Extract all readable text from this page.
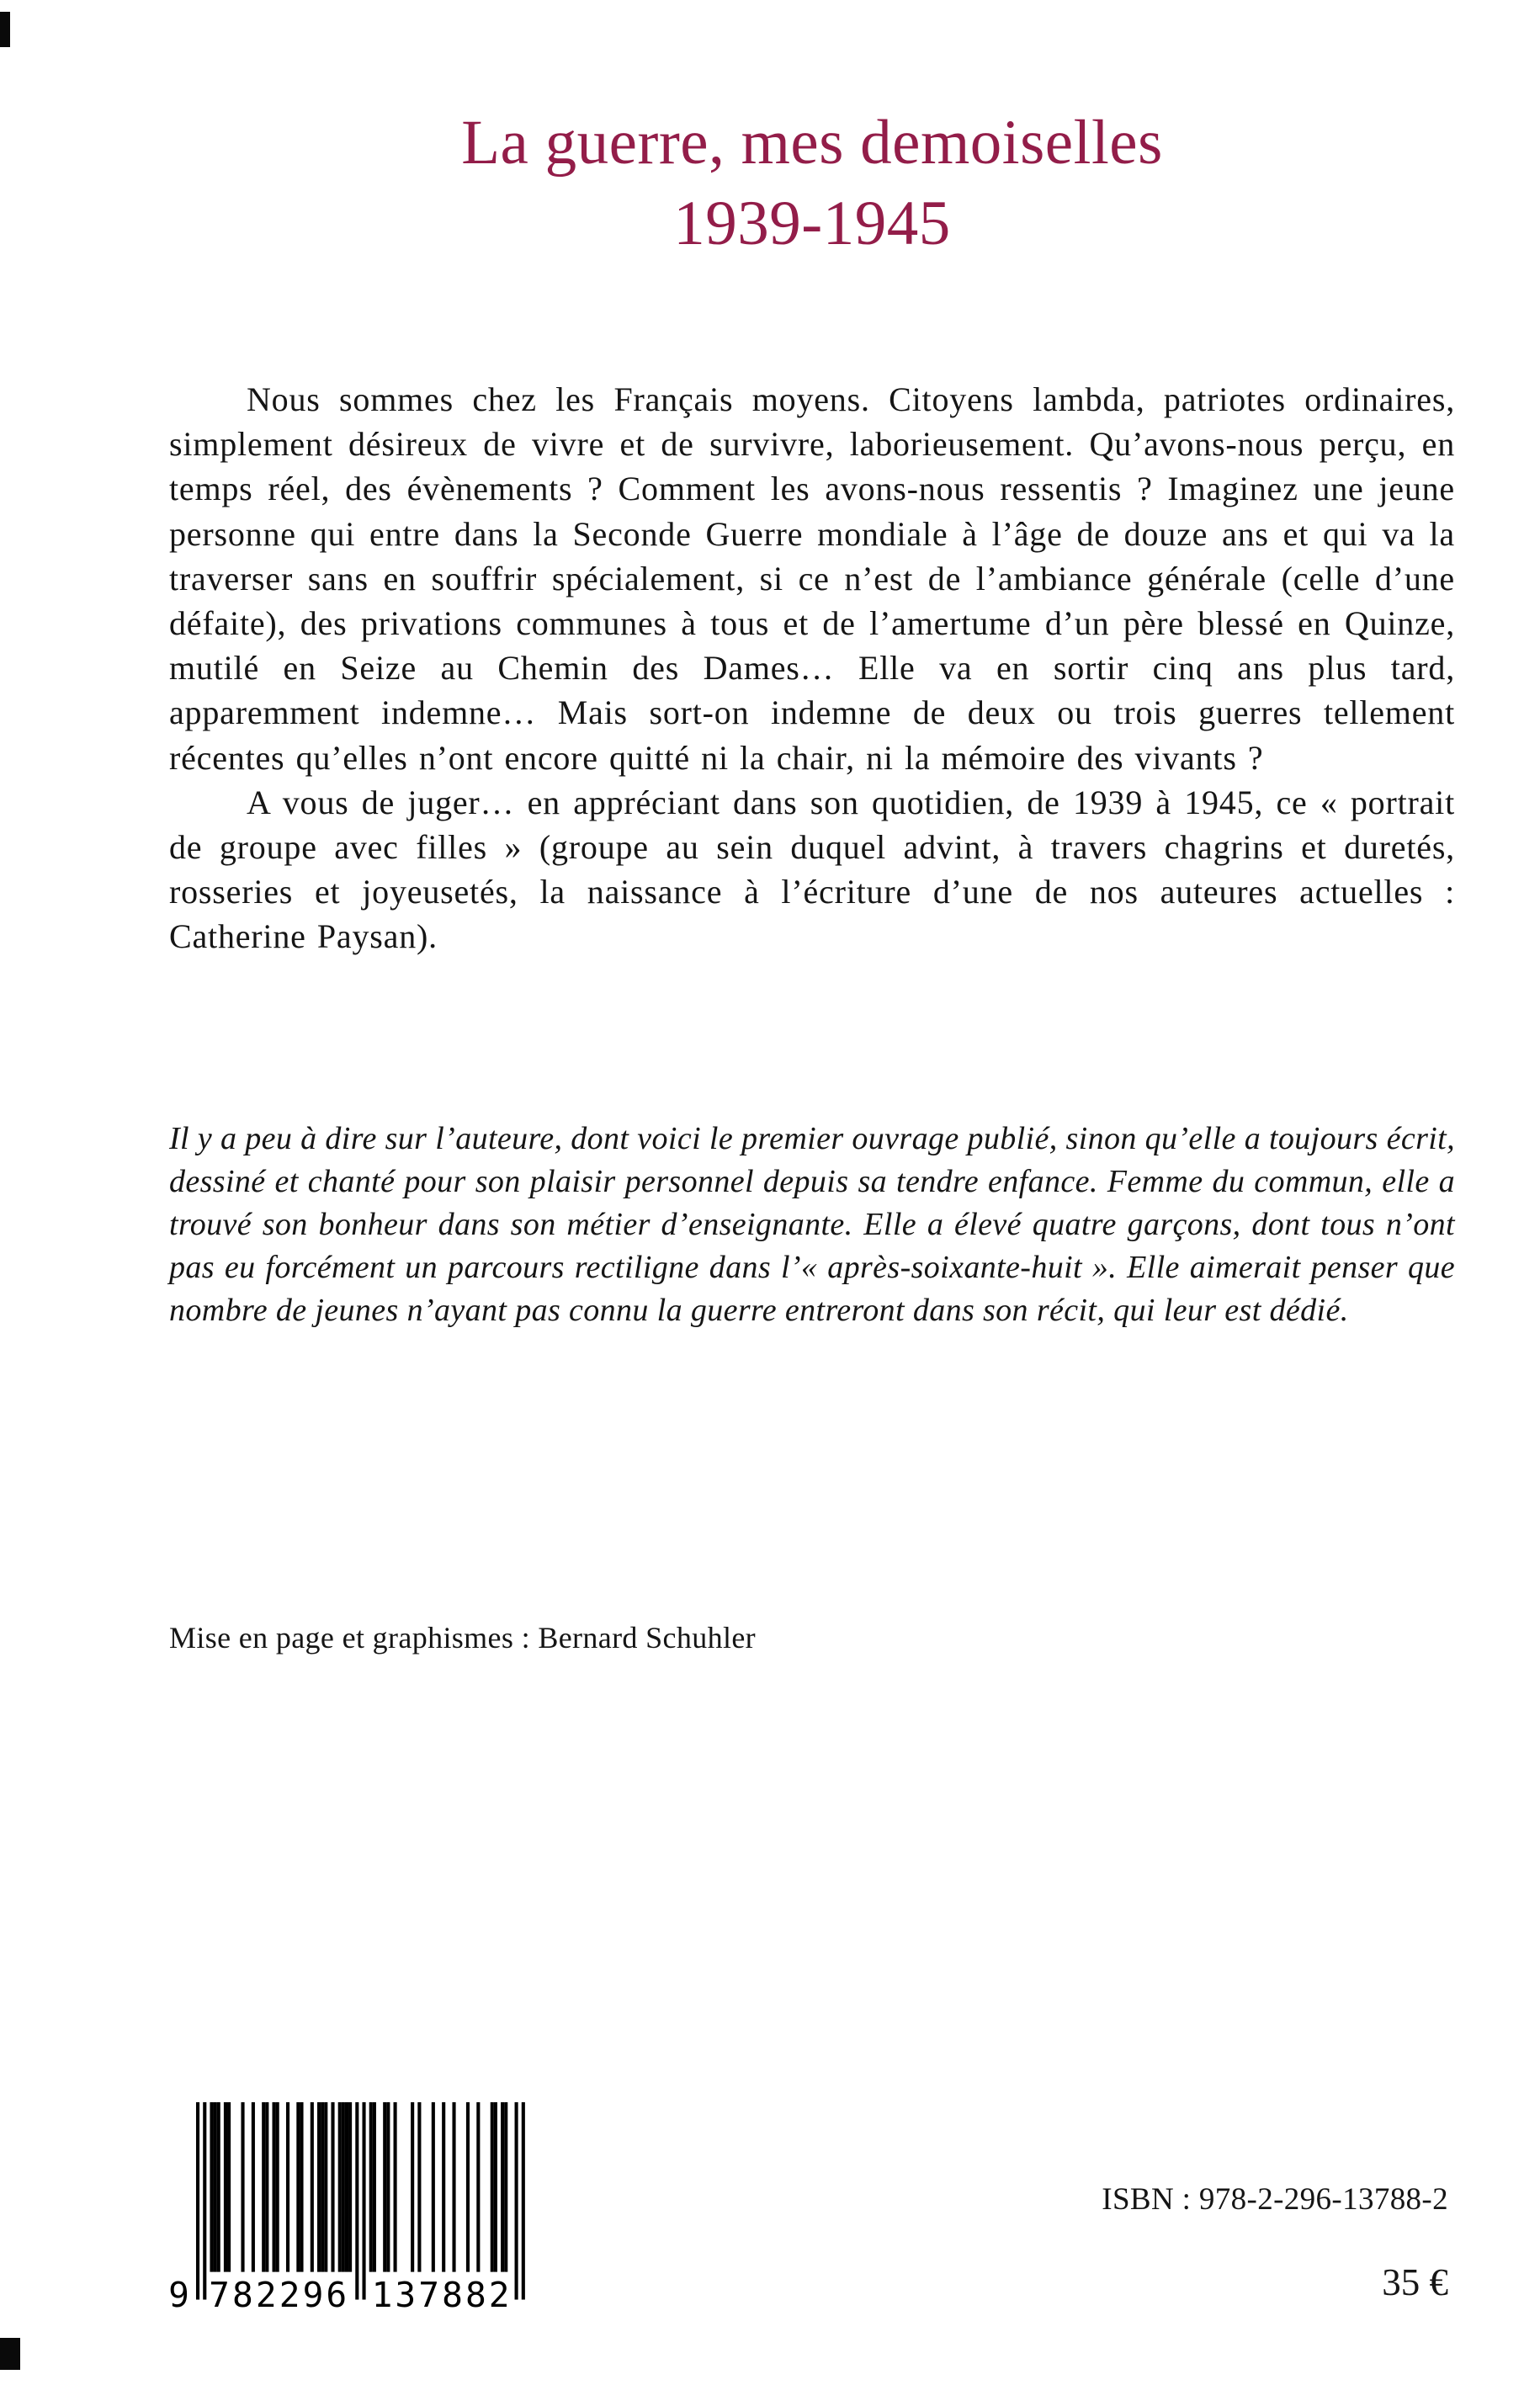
La guerre, mes demoiselles
1939-1945

Nous sommes chez les Français moyens. Citoyens lambda, patriotes ordinaires, simplement désireux de vivre et de survivre, laborieusement. Qu’avons-nous perçu, en temps réel, des évènements ? Comment les avons-nous ressentis ? Imaginez une jeune personne qui entre dans la Seconde Guerre mondiale à l’âge de douze ans et qui va la traverser sans en souffrir spécialement, si ce n’est de l’ambiance générale (celle d’une défaite), des privations communes à tous et de l’amertume d’un père blessé en Quinze, mutilé en Seize au Chemin des Dames… Elle va en sortir cinq ans plus tard, apparemment indemne… Mais sort-on indemne de deux ou trois guerres tellement récentes qu’elles n’ont encore quitté ni la chair, ni la mémoire des vivants ?

A vous de juger… en appréciant dans son quotidien, de 1939 à 1945, ce « portrait de groupe avec filles » (groupe au sein duquel advint, à travers chagrins et duretés, rosseries et joyeusetés, la naissance à l’écriture d’une de nos auteures actuelles : Catherine Paysan).

Il y a peu à dire sur l’auteure, dont voici le premier ouvrage publié, sinon qu’elle a toujours écrit, dessiné et chanté pour son plaisir personnel depuis sa tendre enfance. Femme du commun, elle a trouvé son bonheur dans son métier d’enseignante. Elle a élevé quatre garçons, dont tous n’ont pas eu forcément un parcours rectiligne dans l’« après-soixante-huit ». Elle aimerait penser que nombre de jeunes n’ayant pas connu la guerre entreront dans son récit, qui leur est dédié.

Mise en page et graphismes : Bernard Schuhler
9 782296 137882
ISBN : 978-2-296-13788-2
35 €
